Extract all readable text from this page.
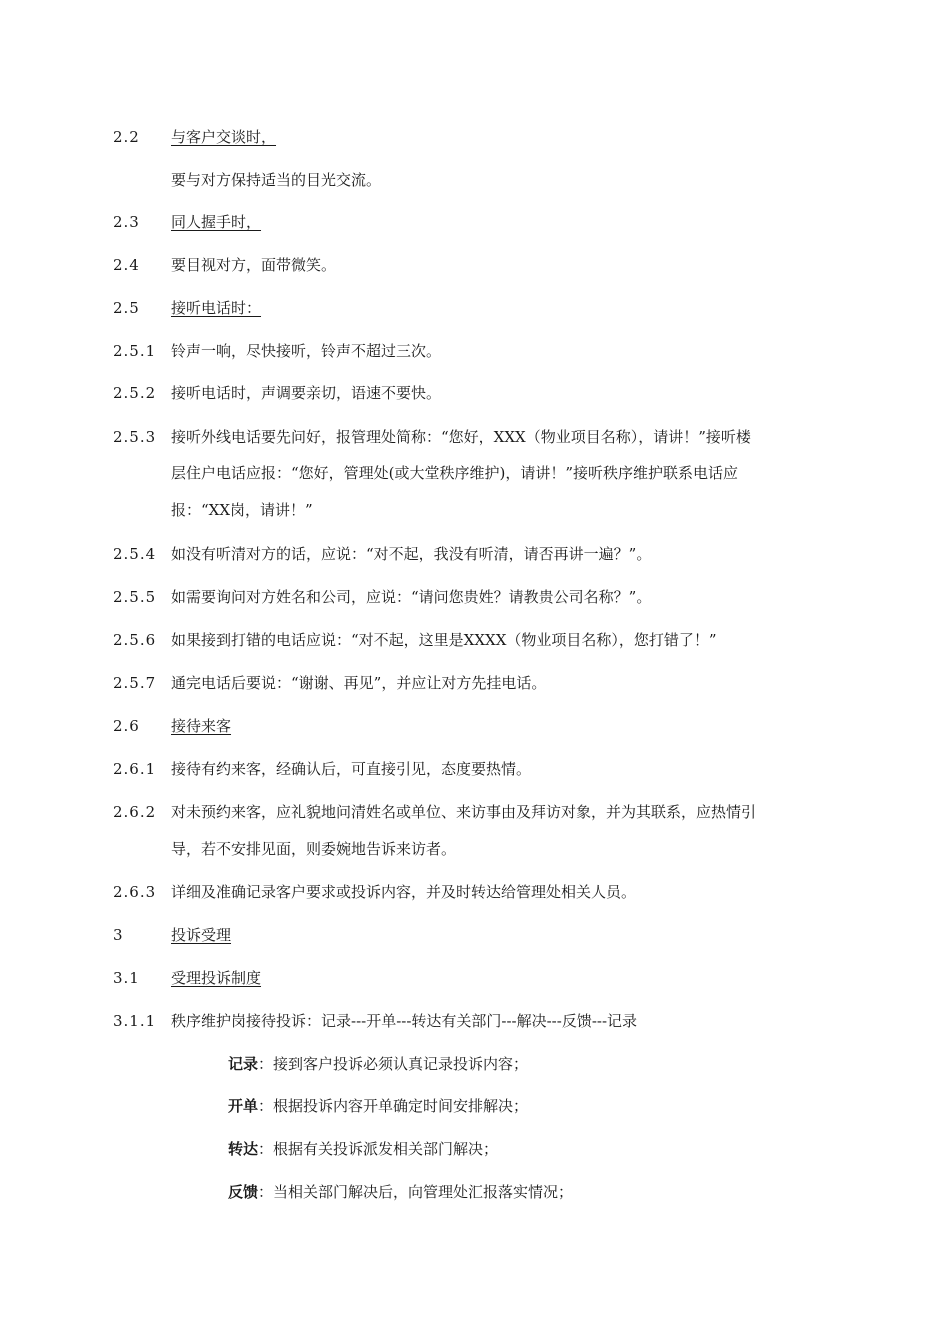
2.2	与客户交谈时，
要与对方保持适当的目光交流。
2.3	同人握手时，
2.4	要目视对方，面带微笑。
2.5	接听电话时：
2.5.1 铃声一响，尽快接听，铃声不超过三次。
2.5.2 接听电话时，声调要亲切，语速不要快。
2.5.3 接听外线电话要先问好，报管理处简称：“您好，XXX（物业项目名称），请讲！”接听楼
层住户电话应报：“您好，管理处(或大堂秩序维护)，请讲！”接听秩序维护联系电话应
报：“XX岗，请讲！”
2.5.4 如没有听清对方的话，应说：“对不起，我没有听清，请否再讲一遍？”。
2.5.5 如需要询问对方姓名和公司，应说：“请问您贵姓？请教贵公司名称？”。
2.5.6 如果接到打错的电话应说：“对不起，这里是XXXX（物业项目名称），您打错了！”
2.5.7 通完电话后要说：“谢谢、再见”，并应让对方先挂电话。
2.6	接待来客
2.6.1 接待有约来客，经确认后，可直接引见，态度要热情。
2.6.2 对未预约来客，应礼貌地问清姓名或单位、来访事由及拜访对象，并为其联系，应热情引
导，若不安排见面，则委婉地告诉来访者。
2.6.3 详细及准确记录客户要求或投诉内容，并及时转达给管理处相关人员。
3	投诉受理
3.1	受理投诉制度
3.1.1 秩序维护岗接待投诉：记录---开单---转达有关部门---解决---反馈---记录
记录：接到客户投诉必须认真记录投诉内容；
开单：根据投诉内容开单确定时间安排解决；
转达：根据有关投诉派发相关部门解决；
反馈：当相关部门解决后，向管理处汇报落实情况；
